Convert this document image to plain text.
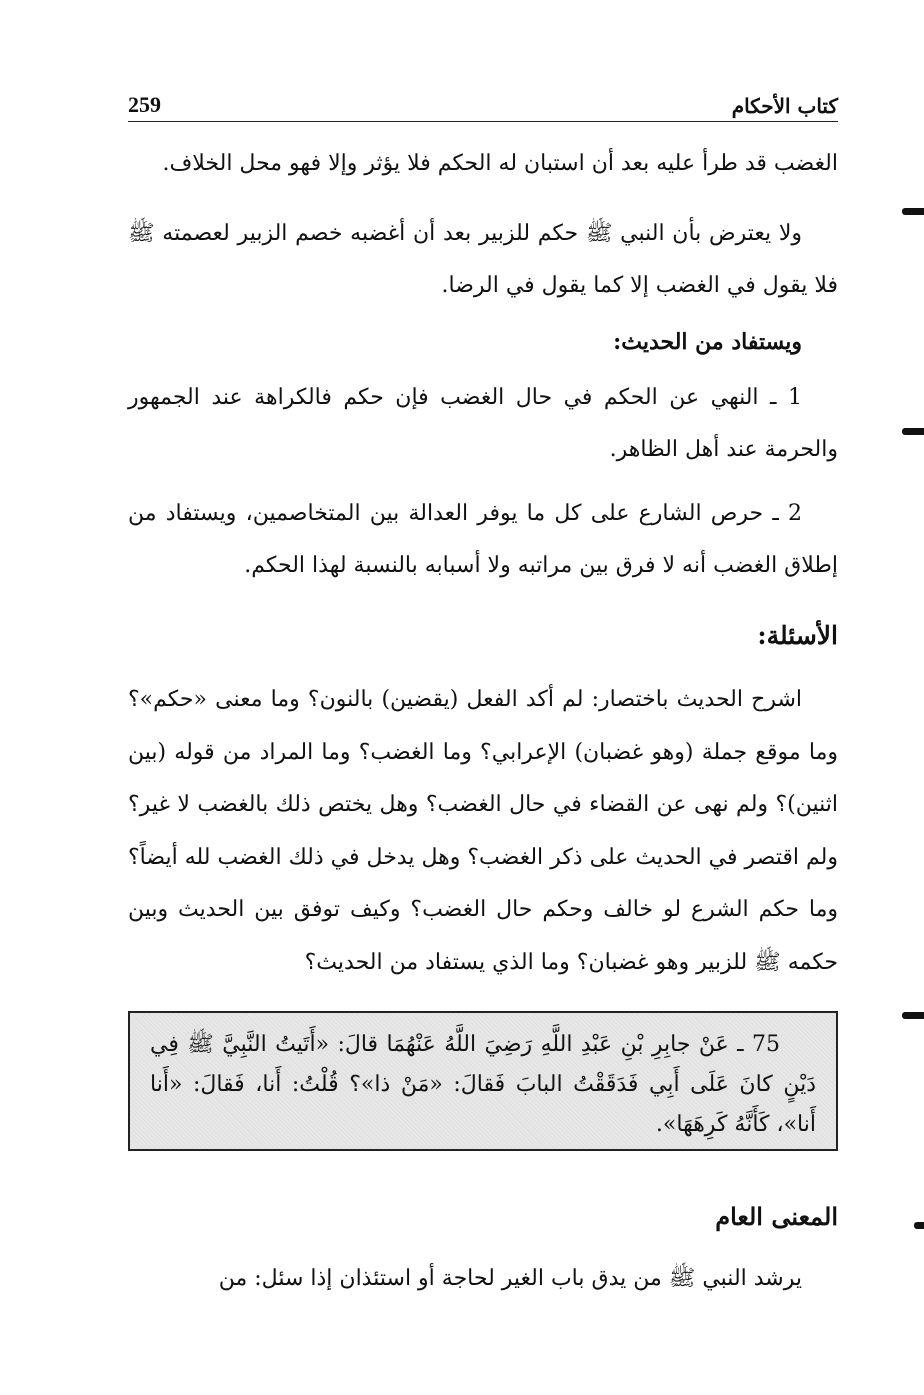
كتاب الأحكام
259

الغضب قد طرأ عليه بعد أن استبان له الحكم فلا يؤثر وإلا فهو محل الخلاف.

ولا يعترض بأن النبي ﷺ حكم للزبير بعد أن أغضبه خصم الزبير لعصمته ﷺ فلا يقول في الغضب إلا كما يقول في الرضا.

ويستفاد من الحديث:

1 ـ النهي عن الحكم في حال الغضب فإن حكم فالكراهة عند الجمهور والحرمة عند أهل الظاهر.

2 ـ حرص الشارع على كل ما يوفر العدالة بين المتخاصمين، ويستفاد من إطلاق الغضب أنه لا فرق بين مراتبه ولا أسبابه بالنسبة لهذا الحكم.

الأسئلة:

اشرح الحديث باختصار: لم أكد الفعل (يقضين) بالنون؟ وما معنى «حكم»؟ وما موقع جملة (وهو غضبان) الإعرابي؟ وما الغضب؟ وما المراد من قوله (بين اثنين)؟ ولم نهى عن القضاء في حال الغضب؟ وهل يختص ذلك بالغضب لا غير؟ ولم اقتصر في الحديث على ذكر الغضب؟ وهل يدخل في ذلك الغضب لله أيضاً؟ وما حكم الشرع لو خالف وحكم حال الغضب؟ وكيف توفق بين الحديث وبين حكمه ﷺ للزبير وهو غضبان؟ وما الذي يستفاد من الحديث؟

75 ـ عَنْ جابِرِ بْنِ عَبْدِ اللَّهِ رَضِيَ اللَّهُ عَنْهُمَا قالَ: «أَتَيتُ النَّبِيَّ ﷺ فِي دَيْنٍ كانَ عَلَى أَبِي فَدَقَقْتُ البابَ فَقالَ: «مَنْ ذا»؟ قُلْتُ: أَنا، فَقالَ: «أَنا أَنا»، كَأَنَّهُ كَرِهَهَا».

المعنى العام

يرشد النبي ﷺ من يدق باب الغير لحاجة أو استئذان إذا سئل: من
